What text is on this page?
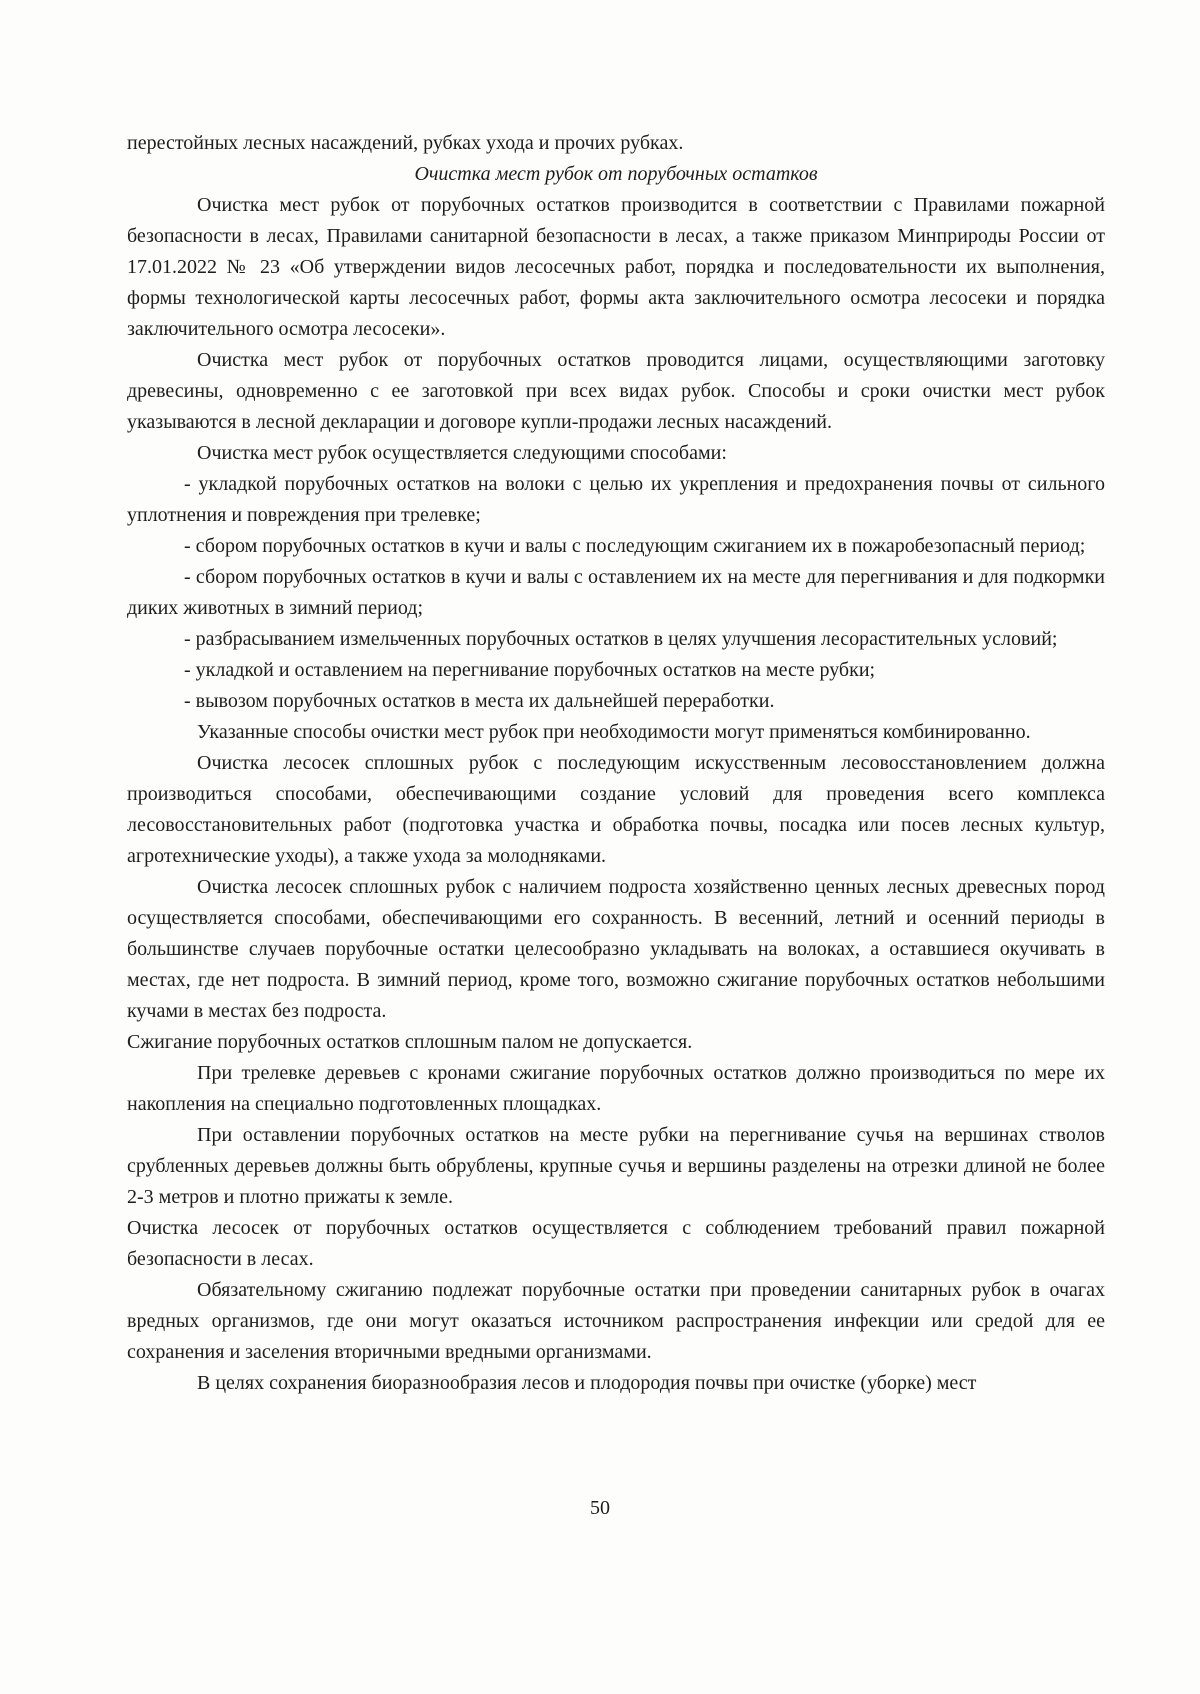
перестойных лесных насаждений, рубках ухода и прочих рубках.

Очистка мест рубок от порубочных остатков

Очистка мест рубок от порубочных остатков производится в соответствии с Правилами пожарной безопасности в лесах, Правилами санитарной безопасности в лесах, а также приказом Минприроды России от 17.01.2022 № 23 «Об утверждении видов лесосечных работ, порядка и последовательности их выполнения, формы технологической карты лесосечных работ, формы акта заключительного осмотра лесосеки и порядка заключительного осмотра лесосеки».

Очистка мест рубок от порубочных остатков проводится лицами, осуществляющими заготовку древесины, одновременно с ее заготовкой при всех видах рубок. Способы и сроки очистки мест рубок указываются в лесной декларации и договоре купли-продажи лесных насаждений.

Очистка мест рубок осуществляется следующими способами:

- укладкой порубочных остатков на волоки с целью их укрепления и предохранения почвы от сильного уплотнения и повреждения при трелевке;

- сбором порубочных остатков в кучи и валы с последующим сжиганием их в пожаробезопасный период;

- сбором порубочных остатков в кучи и валы с оставлением их на месте для перегнивания и для подкормки диких животных в зимний период;

- разбрасыванием измельченных порубочных остатков в целях улучшения лесорастительных условий;

- укладкой и оставлением на перегнивание порубочных остатков на месте рубки;

- вывозом порубочных остатков в места их дальнейшей переработки.

Указанные способы очистки мест рубок при необходимости могут применяться комбинированно.

Очистка лесосек сплошных рубок с последующим искусственным лесовосстановлением должна производиться способами, обеспечивающими создание условий для проведения всего комплекса лесовосстановительных работ (подготовка участка и обработка почвы, посадка или посев лесных культур, агротехнические уходы), а также ухода за молодняками.

Очистка лесосек сплошных рубок с наличием подроста хозяйственно ценных лесных древесных пород осуществляется способами, обеспечивающими его сохранность. В весенний, летний и осенний периоды в большинстве случаев порубочные остатки целесообразно укладывать на волоках, а оставшиеся окучивать в местах, где нет подроста. В зимний период, кроме того, возможно сжигание порубочных остатков небольшими кучами в местах без подроста.

Сжигание порубочных остатков сплошным палом не допускается.

При трелевке деревьев с кронами сжигание порубочных остатков должно производиться по мере их накопления на специально подготовленных площадках.

При оставлении порубочных остатков на месте рубки на перегнивание сучья на вершинах стволов срубленных деревьев должны быть обрублены, крупные сучья и вершины разделены на отрезки длиной не более 2-3 метров и плотно прижаты к земле.

Очистка лесосек от порубочных остатков осуществляется с соблюдением требований правил пожарной безопасности в лесах.

Обязательному сжиганию подлежат порубочные остатки при проведении санитарных рубок в очагах вредных организмов, где они могут оказаться источником распространения инфекции или средой для ее сохранения и заселения вторичными вредными организмами.

В целях сохранения биоразнообразия лесов и плодородия почвы при очистке (уборке) мест

50
